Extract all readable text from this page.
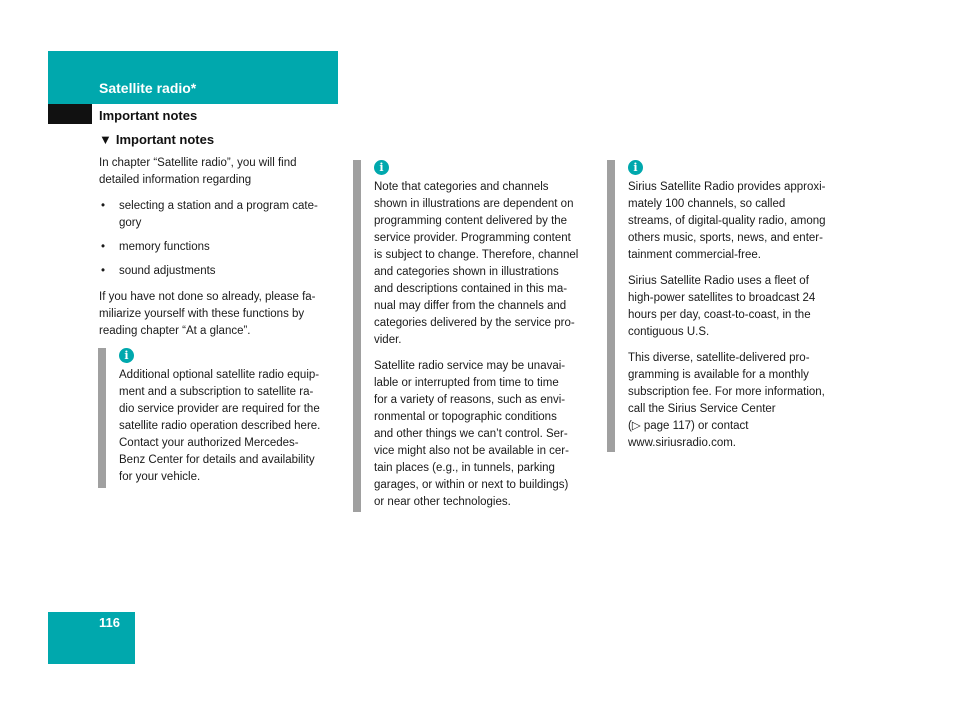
Satellite radio*
Important notes
▼ Important notes

In chapter “Satellite radio”, you will find
detailed information regarding

• selecting a station and a program cate-
gory
• memory functions
• sound adjustments

If you have not done so already, please fa-
miliarize yourself with these functions by
reading chapter “At a glance”.

i

Additional optional satellite radio equip-
ment and a subscription to satellite ra-
dio service provider are required for the
satellite radio operation described here.
Contact your authorized Mercedes-
Benz Center for details and availability
for your vehicle.

i

Note that categories and channels
shown in illustrations are dependent on
programming content delivered by the
service provider. Programming content
is subject to change. Therefore, channel
and categories shown in illustrations
and descriptions contained in this ma-
nual may differ from the channels and
categories delivered by the service pro-
vider.

Satellite radio service may be unavai-
lable or interrupted from time to time
for a variety of reasons, such as envi-
ronmental or topographic conditions
and other things we can’t control. Ser-
vice might also not be available in cer-
tain places (e.g., in tunnels, parking
garages, or within or next to buildings)
or near other technologies.

i

Sirius Satellite Radio provides approxi-
mately 100 channels, so called
streams, of digital-quality radio, among
others music, sports, news, and enter-
tainment commercial-free.

Sirius Satellite Radio uses a fleet of
high-power satellites to broadcast 24
hours per day, coast-to-coast, in the
contiguous U.S.

This diverse, satellite-delivered pro-
gramming is available for a monthly
subscription fee. For more information,
call the Sirius Service Center
(▷ page 117) or contact
www.siriusradio.com.

116
